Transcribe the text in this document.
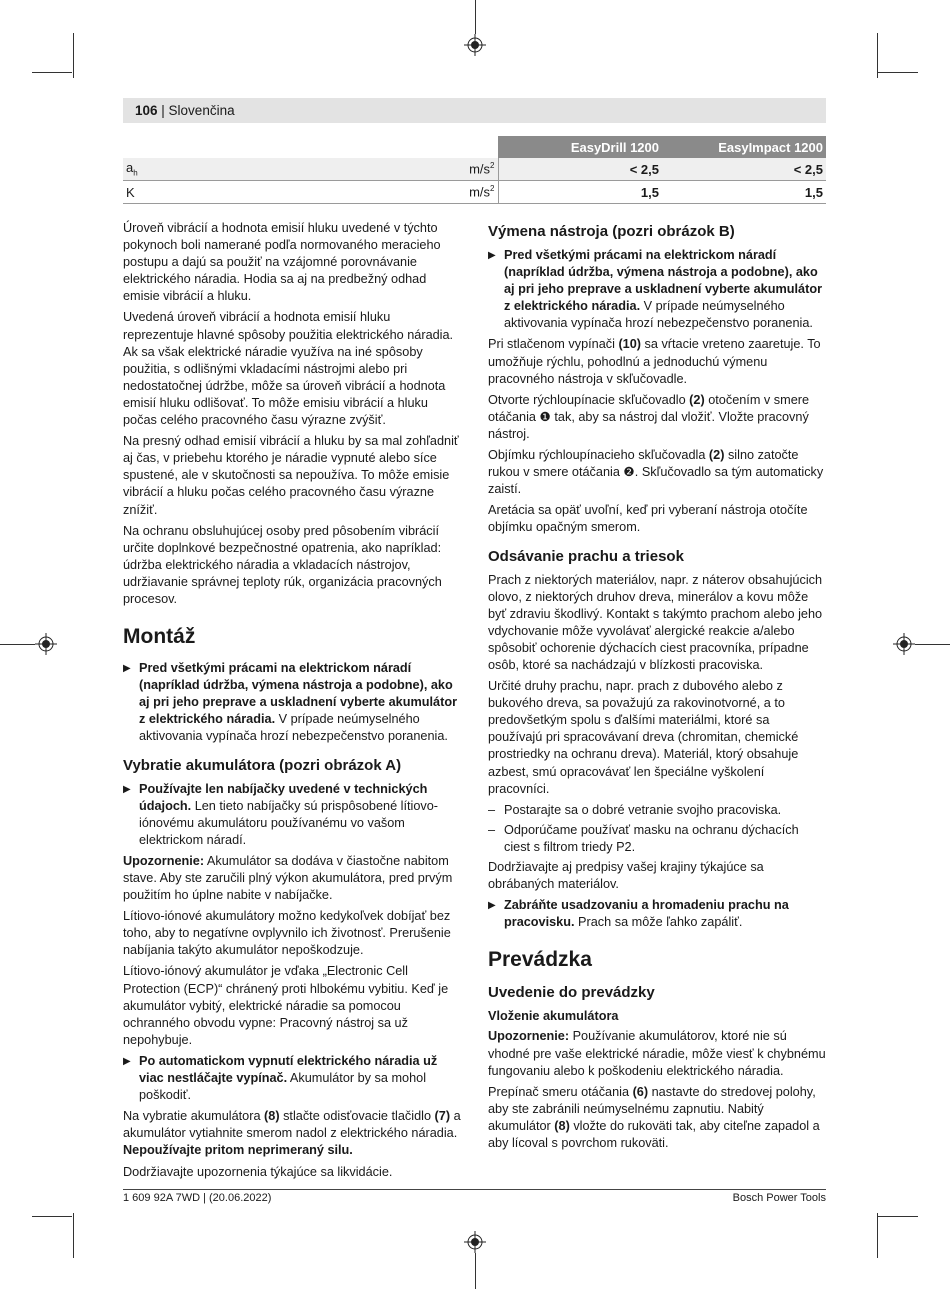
106 | Slovenčina
		EasyDrill 1200	EasyImpact 1200
$a_h$	$m/s^2$	< 2,5	< 2,5
K	$m/s^2$	1,5	1,5

Úroveň vibrácií a hodnota emisií hluku uvedené v týchto pokynoch boli namerané podľa normovaného meracieho postupu a dajú sa použiť na vzájomné porovnávanie elektrického náradia. Hodia sa aj na predbežný odhad emisie vibrácií a hluku.

Uvedená úroveň vibrácií a hodnota emisií hluku reprezentuje hlavné spôsoby použitia elektrického náradia. Ak sa však elektrické náradie využíva na iné spôsoby použitia, s odlišnými vkladacími nástrojmi alebo pri nedostatočnej údržbe, môže sa úroveň vibrácií a hodnota emisií hluku odlišovať. To môže emisiu vibrácií a hluku počas celého pracovného času výrazne zvýšiť.

Na presný odhad emisií vibrácií a hluku by sa mal zohľadniť aj čas, v priebehu ktorého je náradie vypnuté alebo síce spustené, ale v skutočnosti sa nepoužíva. To môže emisie vibrácií a hluku počas celého pracovného času výrazne znížiť.

Na ochranu obsluhujúcej osoby pred pôsobením vibrácií určite doplnkové bezpečnostné opatrenia, ako napríklad: údržba elektrického náradia a vkladacích nástrojov, udržiavanie správnej teploty rúk, organizácia pracovných procesov.

Montáž
▶ Pred všetkými prácami na elektrickom náradí (napríklad údržba, výmena nástroja a podobne), ako aj pri jeho preprave a uskladnení vyberte akumulátor z elektrického náradia. V prípade neúmyselného aktivovania vypínača hrozí nebezpečenstvo poranenia.
Vybratie akumulátora (pozri obrázok A)
▶ Používajte len nabíjačky uvedené v technických údajoch. Len tieto nabíjačky sú prispôsobené lítiovo-iónovému akumulátoru používanému vo vašom elektrickom náradí.

Upozornenie: Akumulátor sa dodáva v čiastočne nabitom stave. Aby ste zaručili plný výkon akumulátora, pred prvým použitím ho úplne nabite v nabíjačke.

Lítiovo-iónové akumulátory možno kedykoľvek dobíjať bez toho, aby to negatívne ovplyvnilo ich životnosť. Prerušenie nabíjania takýto akumulátor nepoškodzuje.

Lítiovo-iónový akumulátor je vďaka „Electronic Cell Protection (ECP)“ chránený proti hlbokému vybitiu. Keď je akumulátor vybitý, elektrické náradie sa pomocou ochranného obvodu vypne: Pracovný nástroj sa už nepohybuje.

▶ Po automatickom vypnutí elektrického náradia už viac nestláčajte vypínač. Akumulátor by sa mohol poškodiť.

Na vybratie akumulátora (8) stlačte odisťovacie tlačidlo (7) a akumulátor vytiahnite smerom nadol z elektrického náradia. Nepoužívajte pritom neprimeraný silu.

Dodržiavajte upozornenia týkajúce sa likvidácie.

Výmena nástroja (pozri obrázok B)
▶ Pred všetkými prácami na elektrickom náradí (napríklad údržba, výmena nástroja a podobne), ako aj pri jeho preprave a uskladnení vyberte akumulátor z elektrického náradia. V prípade neúmyselného aktivovania vypínača hrozí nebezpečenstvo poranenia.

Pri stlačenom vypínači (10) sa vŕtacie vreteno zaaretuje. To umožňuje rýchlu, pohodlnú a jednoduchú výmenu pracovného nástroja v skľučovadle.

Otvorte rýchloupínacie skľučovadlo (2) otočením v smere otáčania ❶ tak, aby sa nástroj dal vložiť. Vložte pracovný nástroj.

Objímku rýchloupínacieho skľučovadla (2) silno zatočte rukou v smere otáčania ❷. Skľučovadlo sa tým automaticky zaistí.

Aretácia sa opäť uvoľní, keď pri vyberaní nástroja otočíte objímku opačným smerom.

Odsávanie prachu a triesok

Prach z niektorých materiálov, napr. z náterov obsahujúcich olovo, z niektorých druhov dreva, minerálov a kovu môže byť zdraviu škodlivý. Kontakt s takýmto prachom alebo jeho vdychovanie môže vyvolávať alergické reakcie a/alebo spôsobiť ochorenie dýchacích ciest pracovníka, prípadne osôb, ktoré sa nachádzajú v blízkosti pracoviska.

Určité druhy prachu, napr. prach z dubového alebo z bukového dreva, sa považujú za rakovinotvorné, a to predovšetkým spolu s ďalšími materiálmi, ktoré sa používajú pri spracovávaní dreva (chromitan, chemické prostriedky na ochranu dreva). Materiál, ktorý obsahuje azbest, smú opracovávať len špeciálne vyškolení pracovníci.

– Postarajte sa o dobré vetranie svojho pracoviska.
– Odporúčame používať masku na ochranu dýchacích ciest s filtrom triedy P2.

Dodržiavajte aj predpisy vašej krajiny týkajúce sa obrábaných materiálov.

▶ Zabráňte usadzovaniu a hromadeniu prachu na pracovisku. Prach sa môže ľahko zapáliť.
Prevádzka
Uvedenie do prevádzky
Vloženie akumulátora

Upozornenie: Používanie akumulátorov, ktoré nie sú vhodné pre vaše elektrické náradie, môže viesť k chybnému fungovaniu alebo k poškodeniu elektrického náradia.

Prepínač smeru otáčania (6) nastavte do stredovej polohy, aby ste zabránili neúmyselnému zapnutiu. Nabitý akumulátor (8) vložte do rukoväti tak, aby citeľne zapadol a aby lícoval s povrchom rukoväti.

1 609 92A 7WD | (20.06.2022)	Bosch Power Tools
